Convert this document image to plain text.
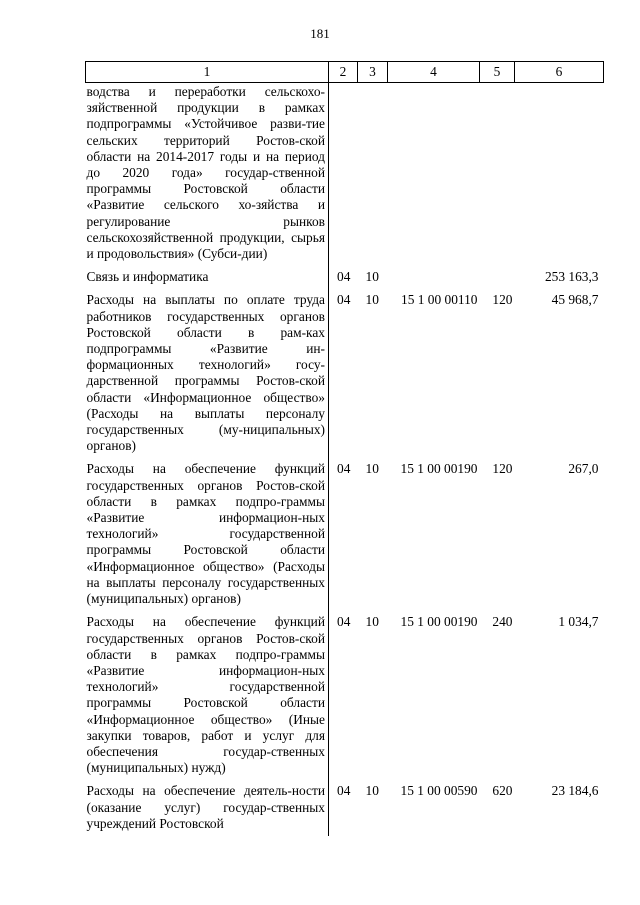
181
1	2	3	4	5	6
водства и переработки сельскохо-зяйственной продукции в рамках подпрограммы «Устойчивое разви-тие сельских территорий Ростов-ской области на 2014-2017 годы и на период до 2020 года» государ-ственной программы Ростовской области «Развитие сельского хо-зяйства и регулирование рынков сельскохозяйственной продукции, сырья и продовольствия» (Субси-дии)					
Связь и информатика	04	10			253 163,3
Расходы на выплаты по оплате труда работников государственных органов Ростовской области в рам-ках подпрограммы «Развитие ин-формационных технологий» госу-дарственной программы Ростов-ской области «Информационное общество» (Расходы на выплаты персоналу государственных (му-ниципальных) органов)	04	10	15 1 00 00110	120	45 968,7
Расходы на обеспечение функций государственных органов Ростов-ской области в рамках подпро-граммы «Развитие информацион-ных технологий» государственной программы Ростовской области «Информационное общество» (Расходы на выплаты персоналу государственных (муниципальных) органов)	04	10	15 1 00 00190	120	267,0
Расходы на обеспечение функций государственных органов Ростов-ской области в рамках подпро-граммы «Развитие информацион-ных технологий» государственной программы Ростовской области «Информационное общество» (Иные закупки товаров, работ и услуг для обеспечения государ-ственных (муниципальных) нужд)	04	10	15 1 00 00190	240	1 034,7
Расходы на обеспечение деятель-ности (оказание услуг) государ-ственных учреждений Ростовской	04	10	15 1 00 00590	620	23 184,6
